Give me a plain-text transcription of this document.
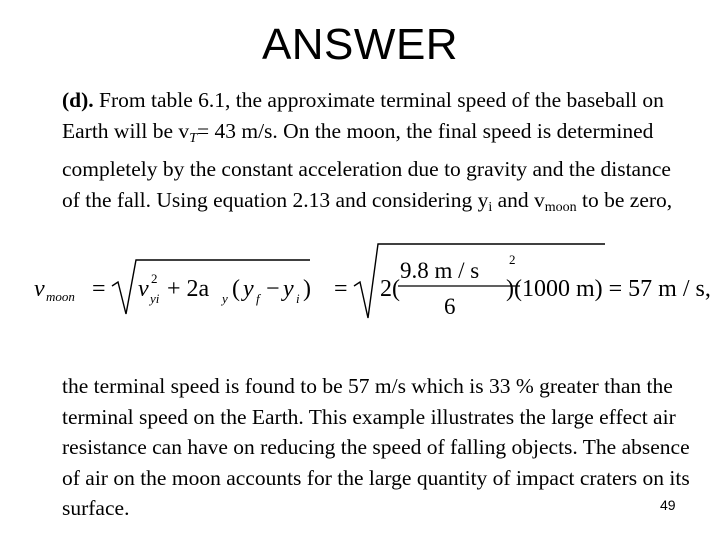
ANSWER
(d). From table 6.1, the approximate terminal speed of the baseball on Earth will be $v_T= 43$ m/s. On the moon, the final speed is determined completely by the constant acceleration due to gravity and the distance of the fall. Using equation 2.13 and considering $y_i$ and $v_{moon}$ to be zero,
v moon = v 2
yi + 2a y ( y f − y i ) = 2(
9.8 m / s 2
6
)(1000 m) = 57 m / s,
the terminal speed is found to be 57 m/s which is 33 % greater than the terminal speed on the Earth. This example illustrates the large effect air resistance can have on reducing the speed of falling objects. The absence of air on the moon accounts for the large quantity of impact craters on its surface.	49
